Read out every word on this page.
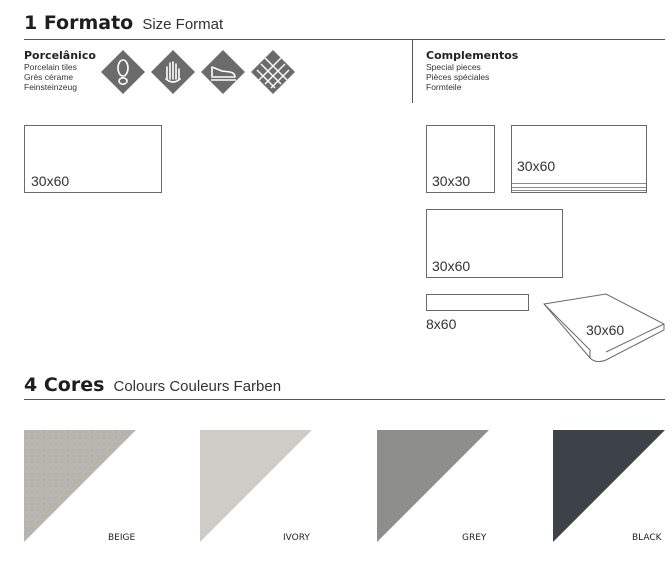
1 Formato Size Format
Porcelânico
Porcelain tiles
Grès cérame
Feinsteinzeug
30x60
Complementos
Special pieces
Pièces spéciales
Formteile
30x30
30x60
30x60
8x60	30x60
4 Cores Colours Couleurs Farben
BEIGE	IVORY	GREY	BLACK
